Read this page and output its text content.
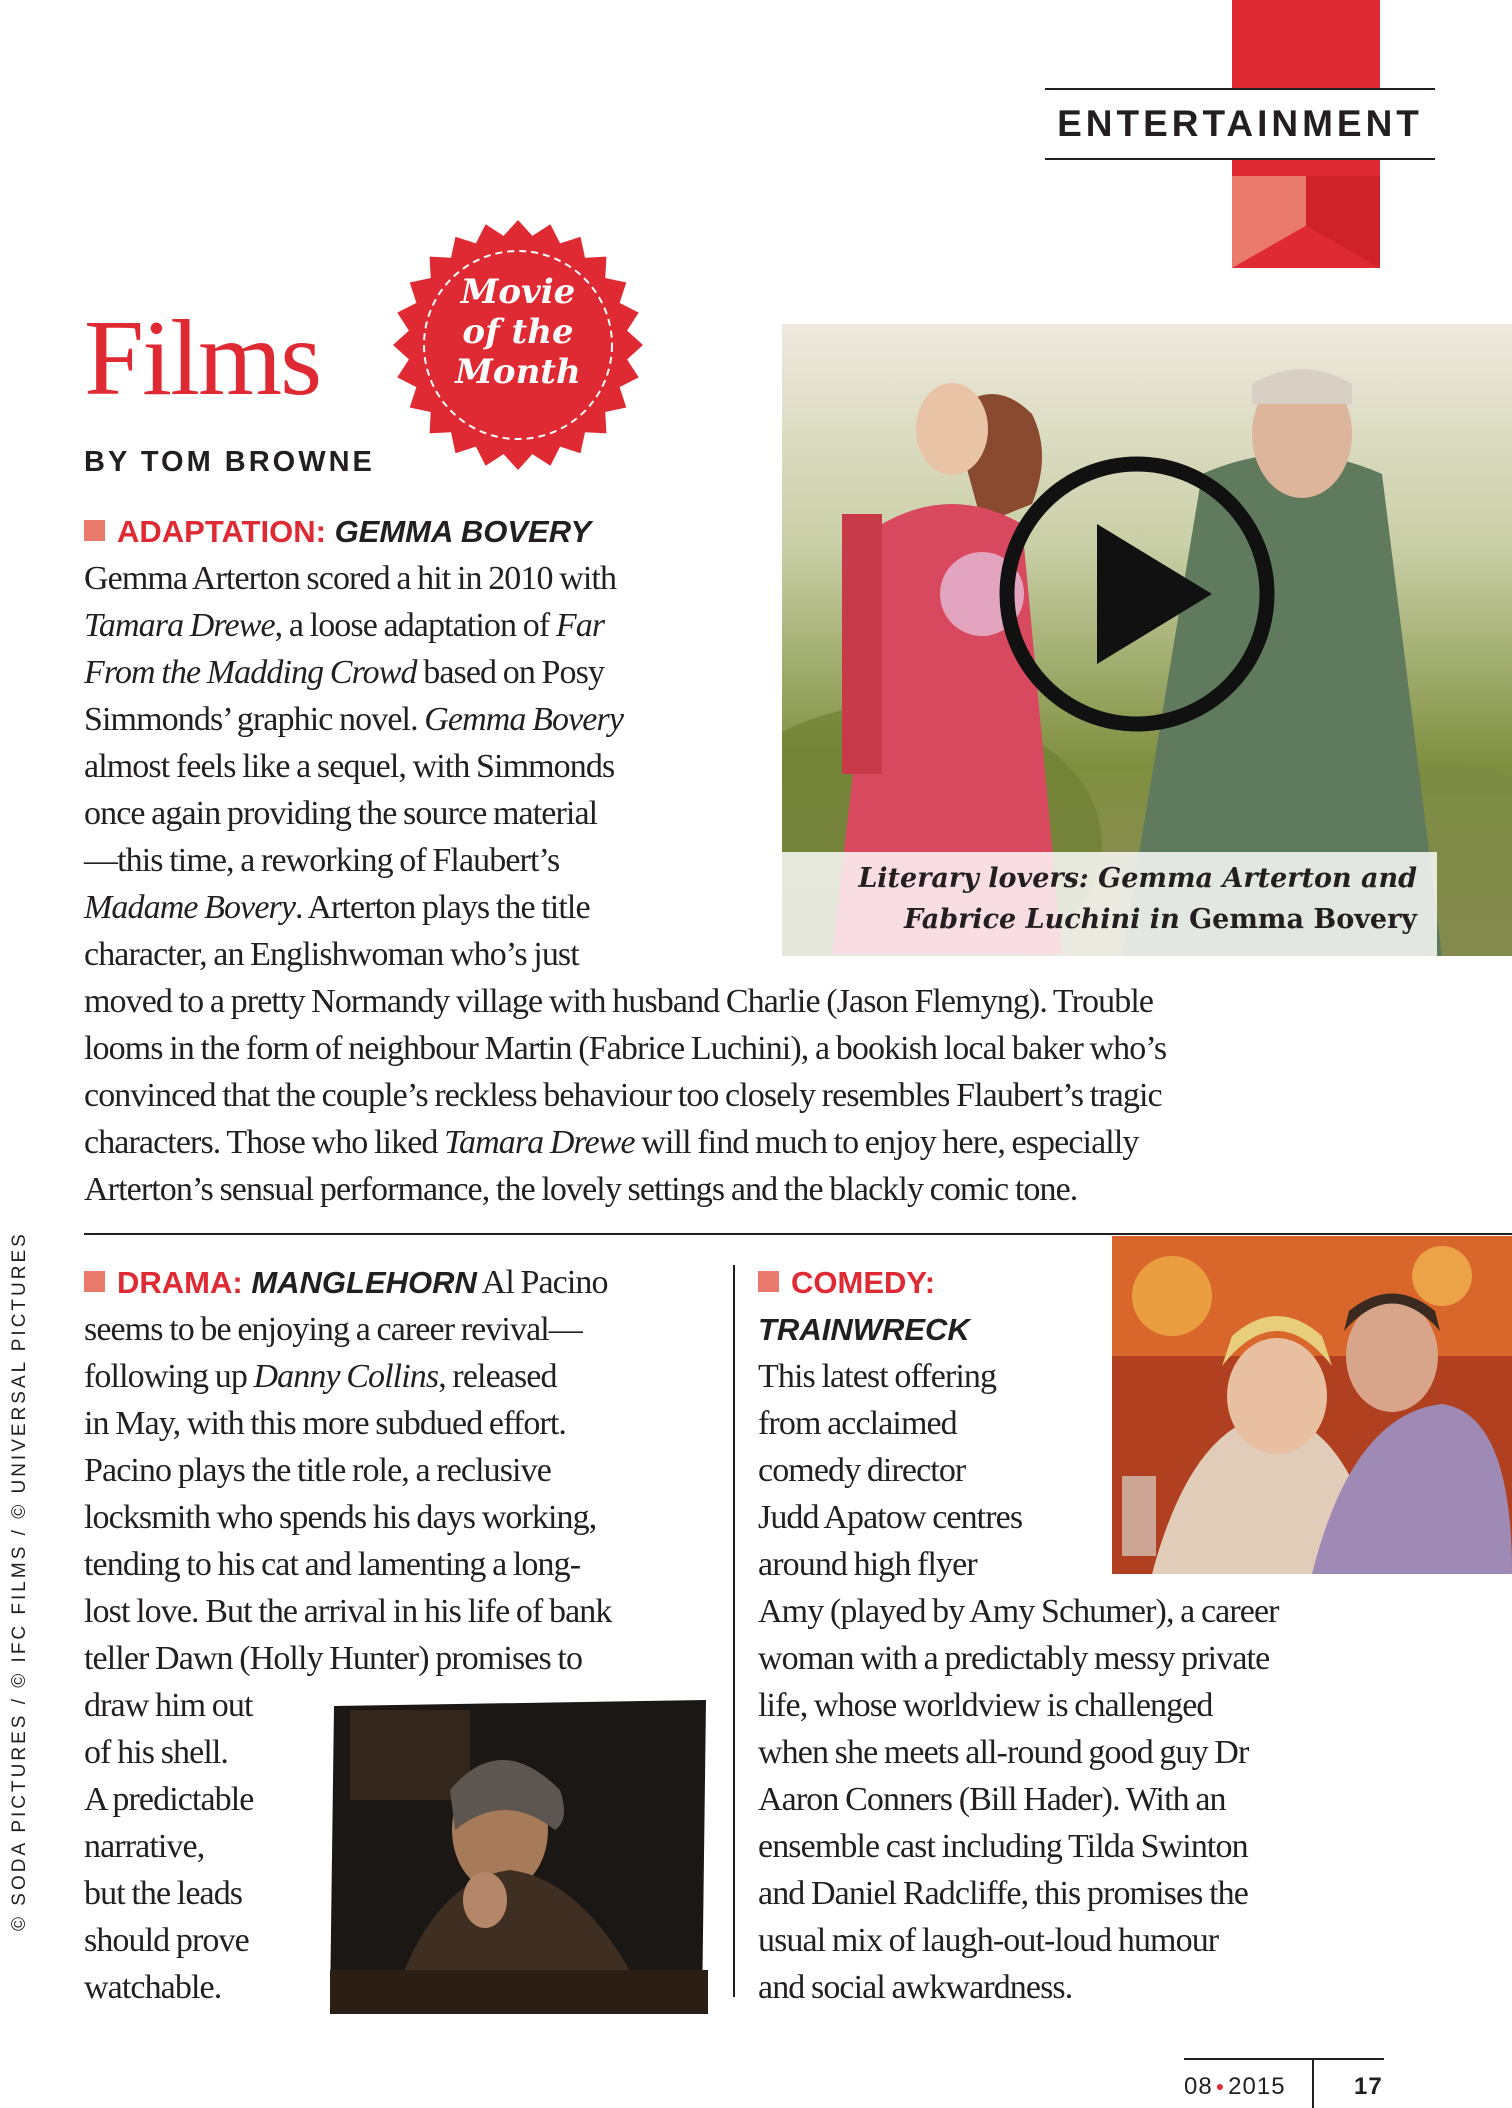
ENTERTAINMENT
Films
BY TOM BROWNE
Movie
of the
Month
ADAPTATION: GEMMA BOVERY
Gemma Arterton scored a hit in 2010 with
Tamara Drewe, a loose adaptation of Far
From the Madding Crowd based on Posy
Simmonds’ graphic novel. Gemma Bovery
almost feels like a sequel, with Simmonds
once again providing the source material
—this time, a reworking of Flaubert’s
Madame Bovery. Arterton plays the title
character, an Englishwoman who’s just
moved to a pretty Normandy village with husband Charlie (Jason Flemyng). Trouble
looms in the form of neighbour Martin (Fabrice Luchini), a bookish local baker who’s
convinced that the couple’s reckless behaviour too closely resembles Flaubert’s tragic
characters. Those who liked Tamara Drewe will find much to enjoy here, especially
Arterton’s sensual performance, the lovely settings and the blackly comic tone.
Literary lovers: Gemma Arterton and
Fabrice Luchini in Gemma Bovery
© SODA PICTURES / © IFC FILMS / © UNIVERSAL PICTURES	DRAMA: MANGLEHORN Al Pacino
seems to be enjoying a career revival—
following up Danny Collins, released
in May, with this more subdued effort.
Pacino plays the title role, a reclusive
locksmith who spends his days working,
tending to his cat and lamenting a long-
lost love. But the arrival in his life of bank
teller Dawn (Holly Hunter) promises to
draw him out
of his shell.
A predictable
narrative,
but the leads
should prove
watchable.
COMEDY:
TRAINWRECK
This latest offering
from acclaimed
comedy director
Judd Apatow centres
around high flyer
Amy (played by Amy Schumer), a career
woman with a predictably messy private
life, whose worldview is challenged
when she meets all-round good guy Dr
Aaron Conners (Bill Hader). With an
ensemble cast including Tilda Swinton
and Daniel Radcliffe, this promises the
usual mix of laugh-out-loud humour
and social awkwardness.
08 ● 2015	17
